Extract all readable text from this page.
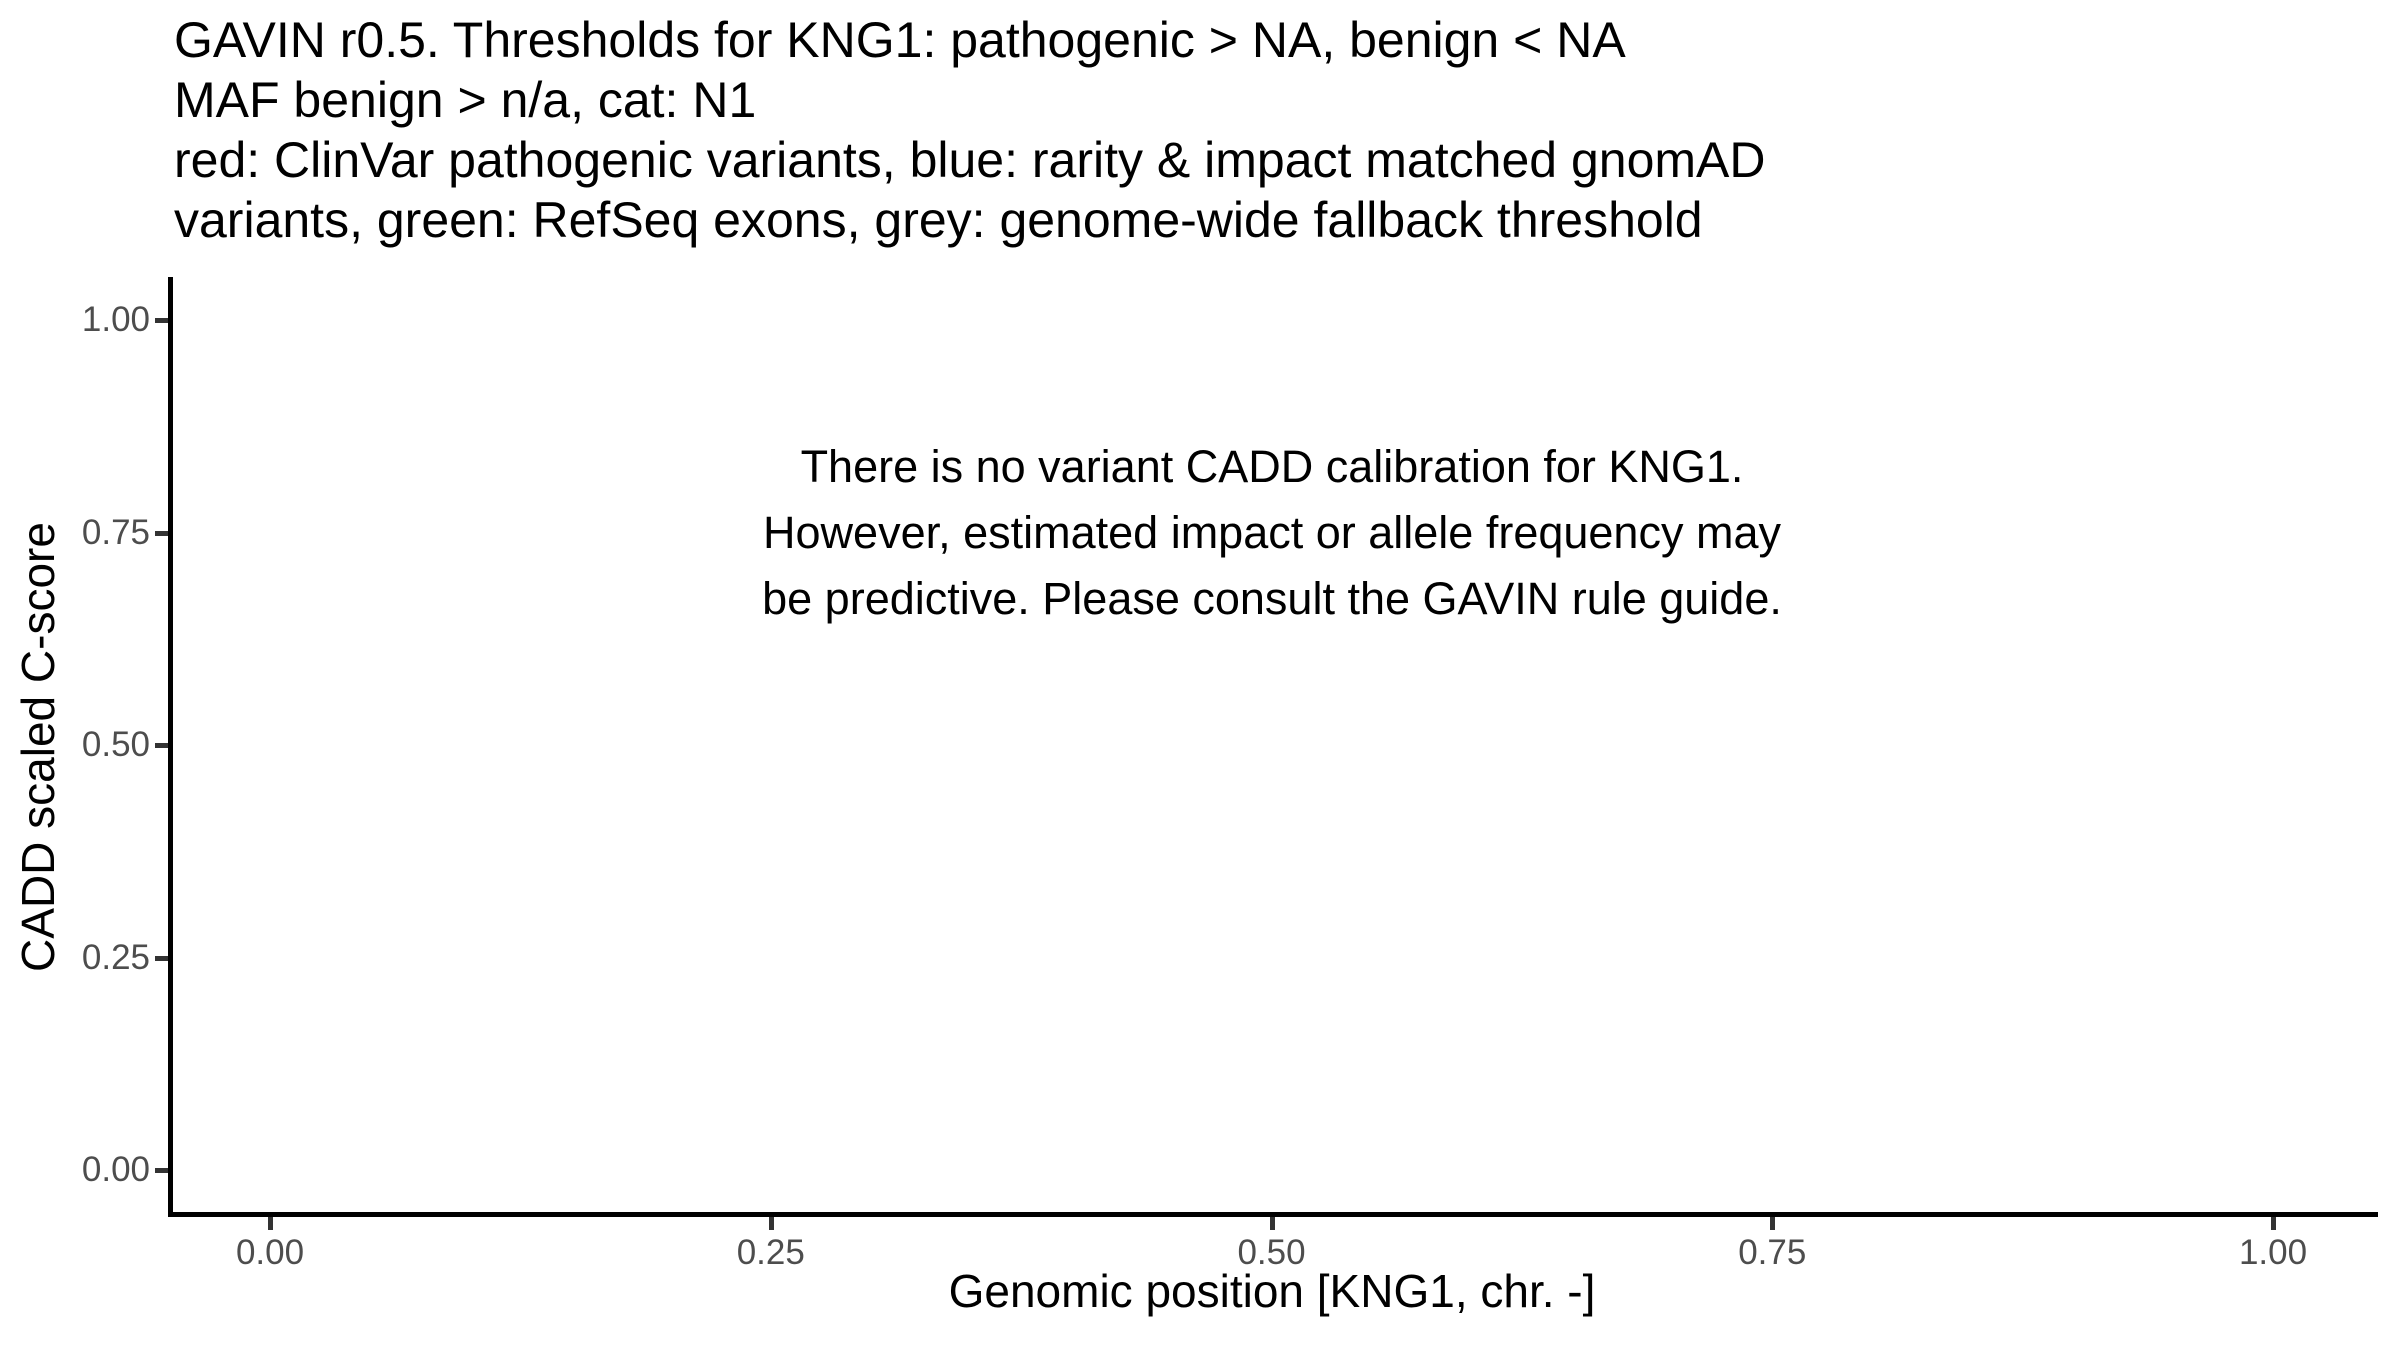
GAVIN r0.5. Thresholds for KNG1: pathogenic > NA, benign < NA
MAF benign > n/a, cat: N1
red: ClinVar pathogenic variants, blue: rarity & impact matched gnomAD
variants, green: RefSeq exons, grey: genome-wide fallback threshold
There is no variant CADD calibration for KNG1.
However, estimated impact or allele frequency may
be predictive. Please consult the GAVIN rule guide.
Genomic position [KNG1, chr. -]
CADD scaled C-score
0.00	0.25	0.50	0.75	1.00
0.00
0.25
0.50
0.75
1.00
